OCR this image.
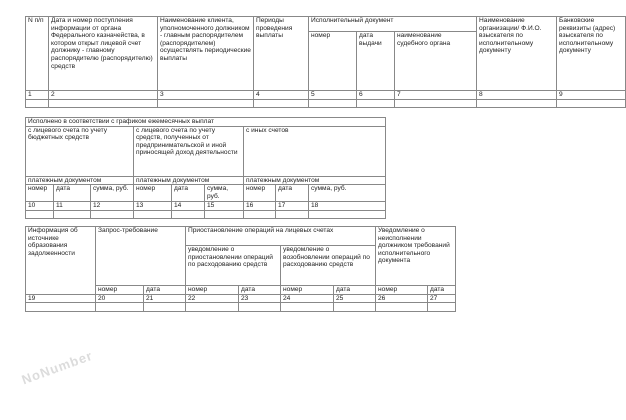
NoNumber
N п/п	Дата и номер поступления информации от органа Федерального казначейства, в котором открыт лицевой счет должнику - главному распорядителю (распорядителю) средств	Наименование клиента, уполномоченного должником - главным распорядителем (распорядителем) осуществлять периодические выплаты	Периоды проведения выплаты	Исполнительный документ			Наименование организации/ Ф.И.О. взыскателя по исполнительному документу	Банковские реквизиты (адрес) взыскателя по исполнительному документу
				номер	дата выдачи	наименование судебного органа		
1	2	3	4	5	6	7	8	9

Исполнено в соответствии с графиком ежемесячных выплат								
с лицевого счета по учету бюджетных средств			с лицевого счета по учету средств, полученных от предпринимательской и иной приносящей доход деятельности			с иных счетов		
платежным документом			платежным документом			платежным документом		
номер	дата	сумма, руб.	номер	дата	сумма, руб.	номер	дата	сумма, руб.
10	11	12	13	14	15	16	17	18

Информация об источнике образования задолженности	Запрос-требование		Приостановление операций на лицевых счетах				Уведомление о неисполнении должником требований исполнительного документа	
			уведомление о приостановлении операций по расходованию средств		уведомление о возобновлении операций по расходованию средств			
	номер	дата	номер	дата	номер	дата	номер	дата
19	20	21	22	23	24	25	26	27
